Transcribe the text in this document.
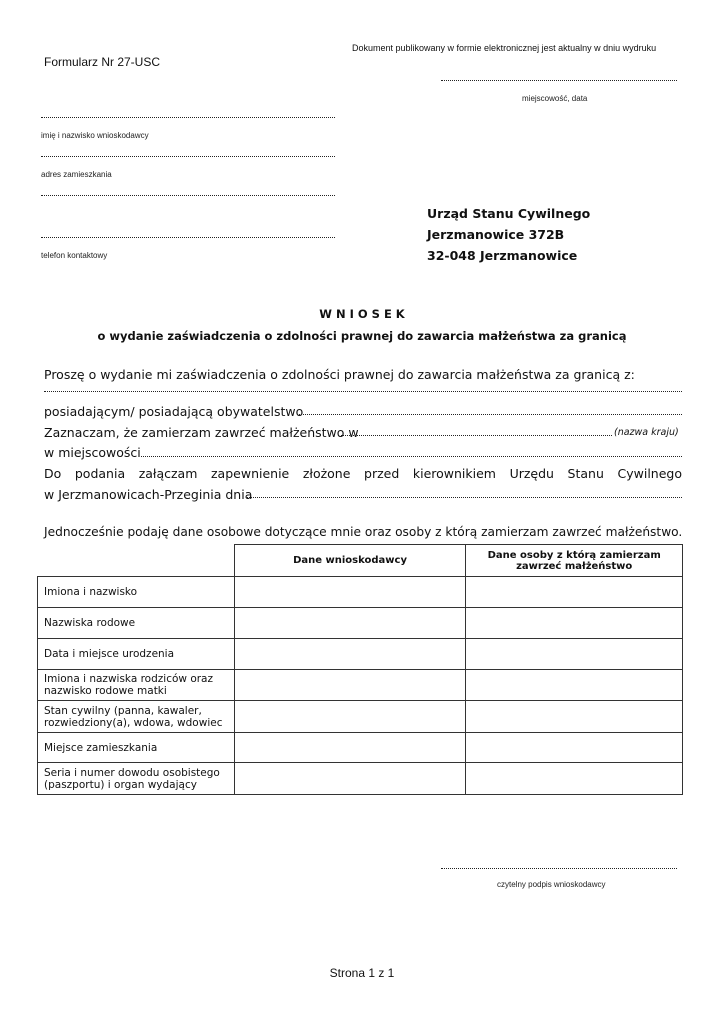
Dokument publikowany w formie elektronicznej jest aktualny w dniu wydruku
Formularz Nr 27-USC
miejscowość, data
imię i nazwisko wnioskodawcy
adres zamieszkania
telefon kontaktowy
Urząd Stanu Cywilnego
Jerzmanowice 372B
32-048 Jerzmanowice
W N I O S E K
o wydanie zaświadczenia o zdolności prawnej do zawarcia małżeństwa za granicą
Proszę o wydanie mi zaświadczenia o zdolności prawnej do zawarcia małżeństwa za granicą z:
posiadającym/ posiadającą obywatelstwo
Zaznaczam, że zamierzam zawrzeć małżeństwo w	(nazwa kraju)
w miejscowości
Do podania załączam zapewnienie złożone przed kierownikiem Urzędu Stanu Cywilnego
w Jerzmanowicach-Przeginia dnia
Jednocześnie podaję dane osobowe dotyczące mnie oraz osoby z którą zamierzam zawrzeć małżeństwo.
	Dane wnioskodawcy	Dane osoby z którą zamierzam
zawrzeć małżeństwo
Imiona i nazwisko		
Nazwiska rodowe		
Data i miejsce urodzenia		
Imiona i nazwiska rodziców oraz
nazwisko rodowe matki		
Stan cywilny (panna, kawaler,
rozwiedziony(a), wdowa, wdowiec		
Miejsce zamieszkania		
Seria i numer dowodu osobistego
(paszportu) i organ wydający		
czytelny podpis wnioskodawcy
Strona 1 z 1
